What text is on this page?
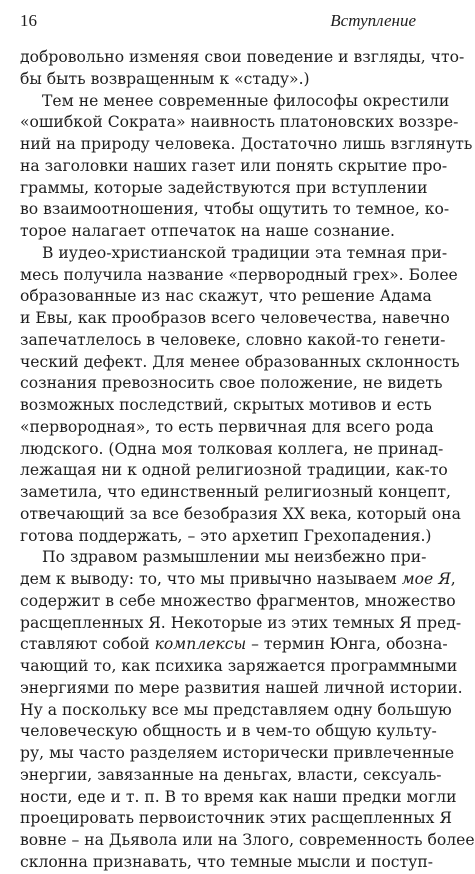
16	Вступление
добровольно изменяя свои поведение и взгляды, что-
бы быть возвращенным к «стаду».)
Тем не менее современные философы окрестили
«ошибкой Сократа» наивность платоновских воззре-
ний на природу человека. Достаточно лишь взглянуть
на заголовки наших газет или понять скрытие про-
граммы, которые задействуются при вступлении
во взаимоотношения, чтобы ощутить то темное, ко-
торое налагает отпечаток на наше сознание.
В иудео-христианской традиции эта темная при-
месь получила название «первородный грех». Более
образованные из нас скажут, что решение Адама
и Евы, как прообразов всего человечества, навечно
запечатлелось в человеке, словно какой-то генети-
ческий дефект. Для менее образованных склонность
сознания превозносить свое положение, не видеть
возможных последствий, скрытых мотивов и есть
«первородная», то есть первичная для всего рода
людского. (Одна моя толковая коллега, не принад-
лежащая ни к одной религиозной традиции, как-то
заметила, что единственный религиозный концепт,
отвечающий за все безобразия XX века, который она
готова поддержать, – это архетип Грехопадения.)
По здравом размышлении мы неизбежно при-
дем к выводу: то, что мы привычно называем мое Я,
содержит в себе множество фрагментов, множество
расщепленных Я. Некоторые из этих темных Я пред-
ставляют собой комплексы – термин Юнга, обозна-
чающий то, как психика заряжается программными
энергиями по мере развития нашей личной истории.
Ну а поскольку все мы представляем одну большую
человеческую общность и в чем-то общую культу-
ру, мы часто разделяем исторически привлеченные
энергии, завязанные на деньгах, власти, сексуаль-
ности, еде и т. п. В то время как наши предки могли
проецировать первоисточник этих расщепленных Я
вовне – на Дьявола или на Злого, современность более
склонна признавать, что темные мысли и поступ-
